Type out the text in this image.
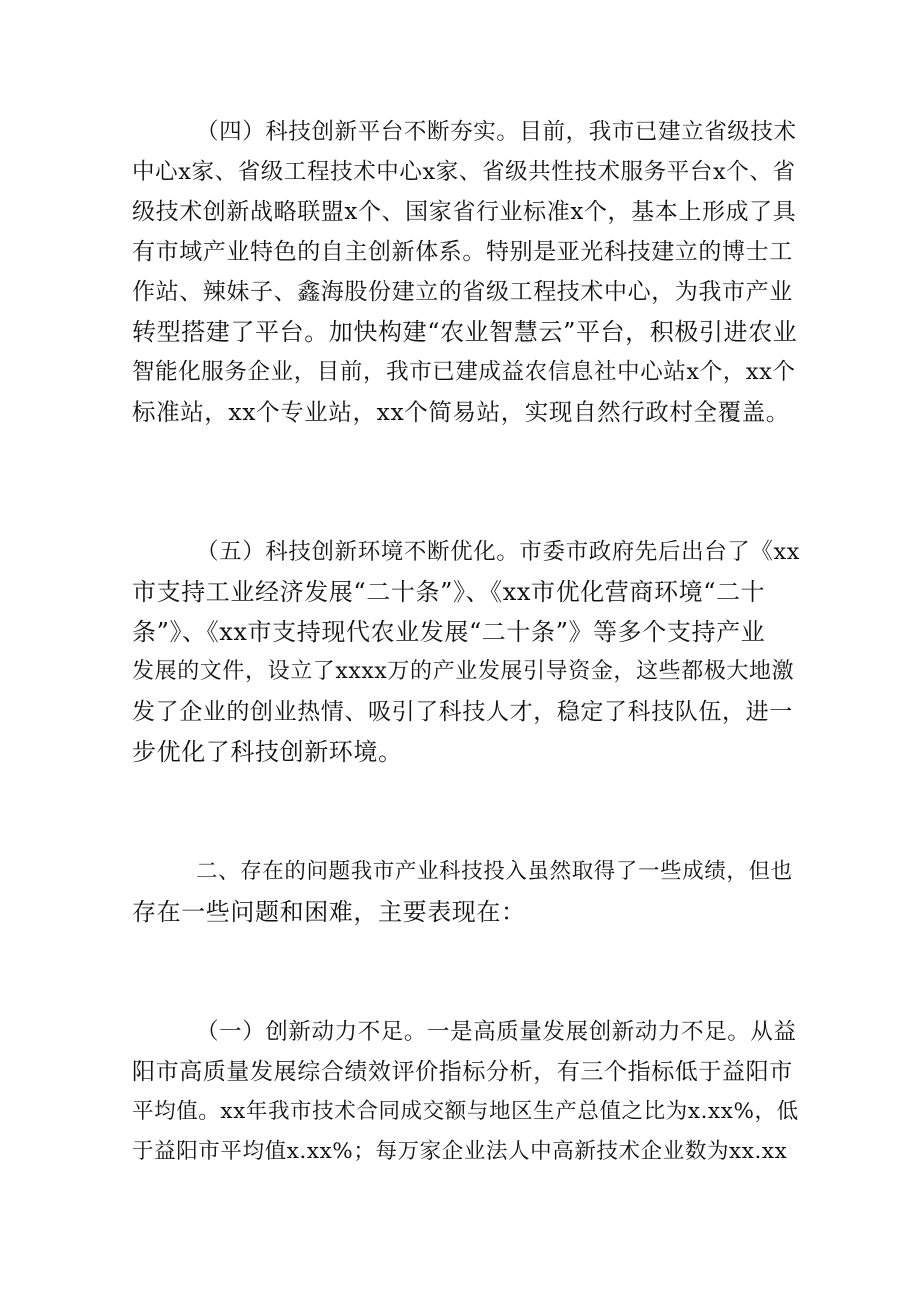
（四）科技创新平台不断夯实。目前，我市已建立省级技术
中心x家、省级工程技术中心x家、省级共性技术服务平台x个、省
级技术创新战略联盟x个、国家省行业标准x个，基本上形成了具
有市域产业特色的自主创新体系。特别是亚光科技建立的博士工
作站、辣妹子、鑫海股份建立的省级工程技术中心，为我市产业
转型搭建了平台。加快构建“农业智慧云”平台，积极引进农业
智能化服务企业，目前，我市已建成益农信息社中心站x个，xx个
标准站，xx个专业站，xx个简易站，实现自然行政村全覆盖。
（五）科技创新环境不断优化。市委市政府先后出台了《xx
市支持工业经济发展“二十条”》、《xx市优化营商环境“二十
条”》、《xx市支持现代农业发展“二十条”》等多个支持产业
发展的文件，设立了xxxx万的产业发展引导资金，这些都极大地激
发了企业的创业热情、吸引了科技人才，稳定了科技队伍，进一
步优化了科技创新环境。
二、存在的问题我市产业科技投入虽然取得了一些成绩，但也
存在一些问题和困难，主要表现在：
（一）创新动力不足。一是高质量发展创新动力不足。从益
阳市高质量发展综合绩效评价指标分析，有三个指标低于益阳市
平均值。xx年我市技术合同成交额与地区生产总值之比为x.xx%，低
于益阳市平均值x.xx%；每万家企业法人中高新技术企业数为xx.xx
